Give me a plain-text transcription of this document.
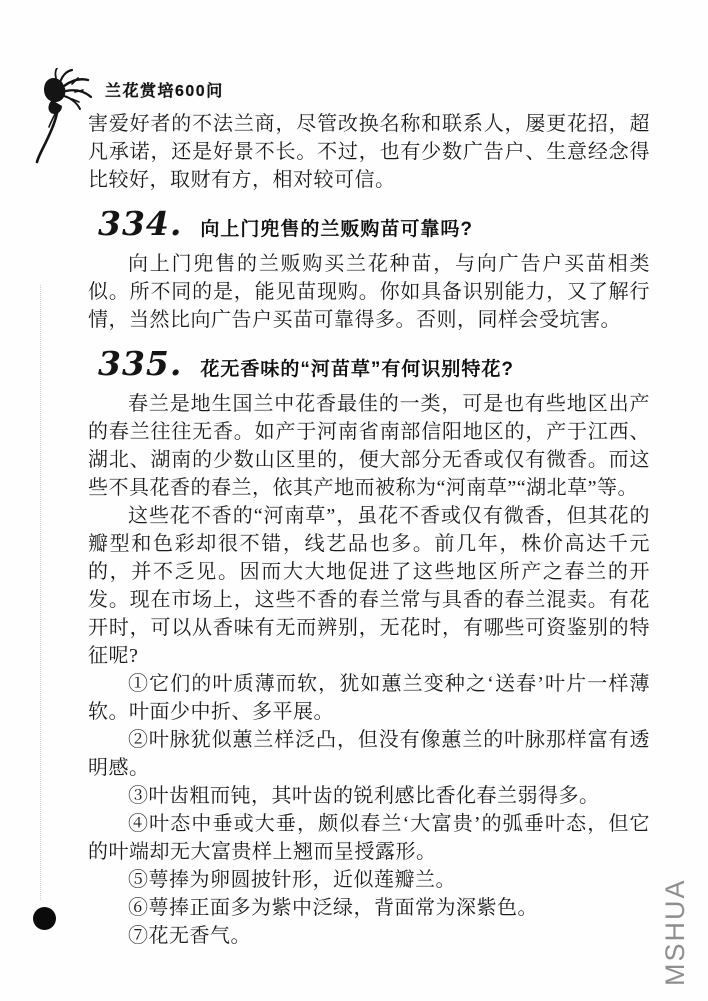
兰花赏培600问

害爱好者的不法兰商，尽管改换名称和联系人，屡更花招，超凡承诺，还是好景不长。不过，也有少数广告户、生意经念得比较好，取财有方，相对较可信。

334. 向上门兜售的兰贩购苗可靠吗?

向上门兜售的兰贩购买兰花种苗，与向广告户买苗相类似。所不同的是，能见苗现购。你如具备识别能力，又了解行情，当然比向广告户买苗可靠得多。否则，同样会受坑害。

335. 花无香味的“河苗草”有何识别特花?

春兰是地生国兰中花香最佳的一类，可是也有些地区出产的春兰往往无香。如产于河南省南部信阳地区的，产于江西、湖北、湖南的少数山区里的，便大部分无香或仅有微香。而这些不具花香的春兰，依其产地而被称为“河南草”“湖北草”等。

这些花不香的“河南草”，虽花不香或仅有微香，但其花的瓣型和色彩却很不错，线艺品也多。前几年，株价高达千元的，并不乏见。因而大大地促进了这些地区所产之春兰的开发。现在市场上，这些不香的春兰常与具香的春兰混卖。有花开时，可以从香味有无而辨别，无花时，有哪些可资鉴别的特征呢?

①它们的叶质薄而软，犹如蕙兰变种之‘送春’叶片一样薄软。叶面少中折、多平展。

②叶脉犹似蕙兰样泛凸，但没有像蕙兰的叶脉那样富有透明感。

③叶齿粗而钝，其叶齿的锐利感比香化春兰弱得多。

④叶态中垂或大垂，颇似春兰‘大富贵’的弧垂叶态，但它的叶端却无大富贵样上翘而呈授露形。

⑤萼捧为卵圆披针形，近似莲瓣兰。

⑥萼捧正面多为紫中泛绿，背面常为深紫色。

⑦花无香气。	MSHUA
